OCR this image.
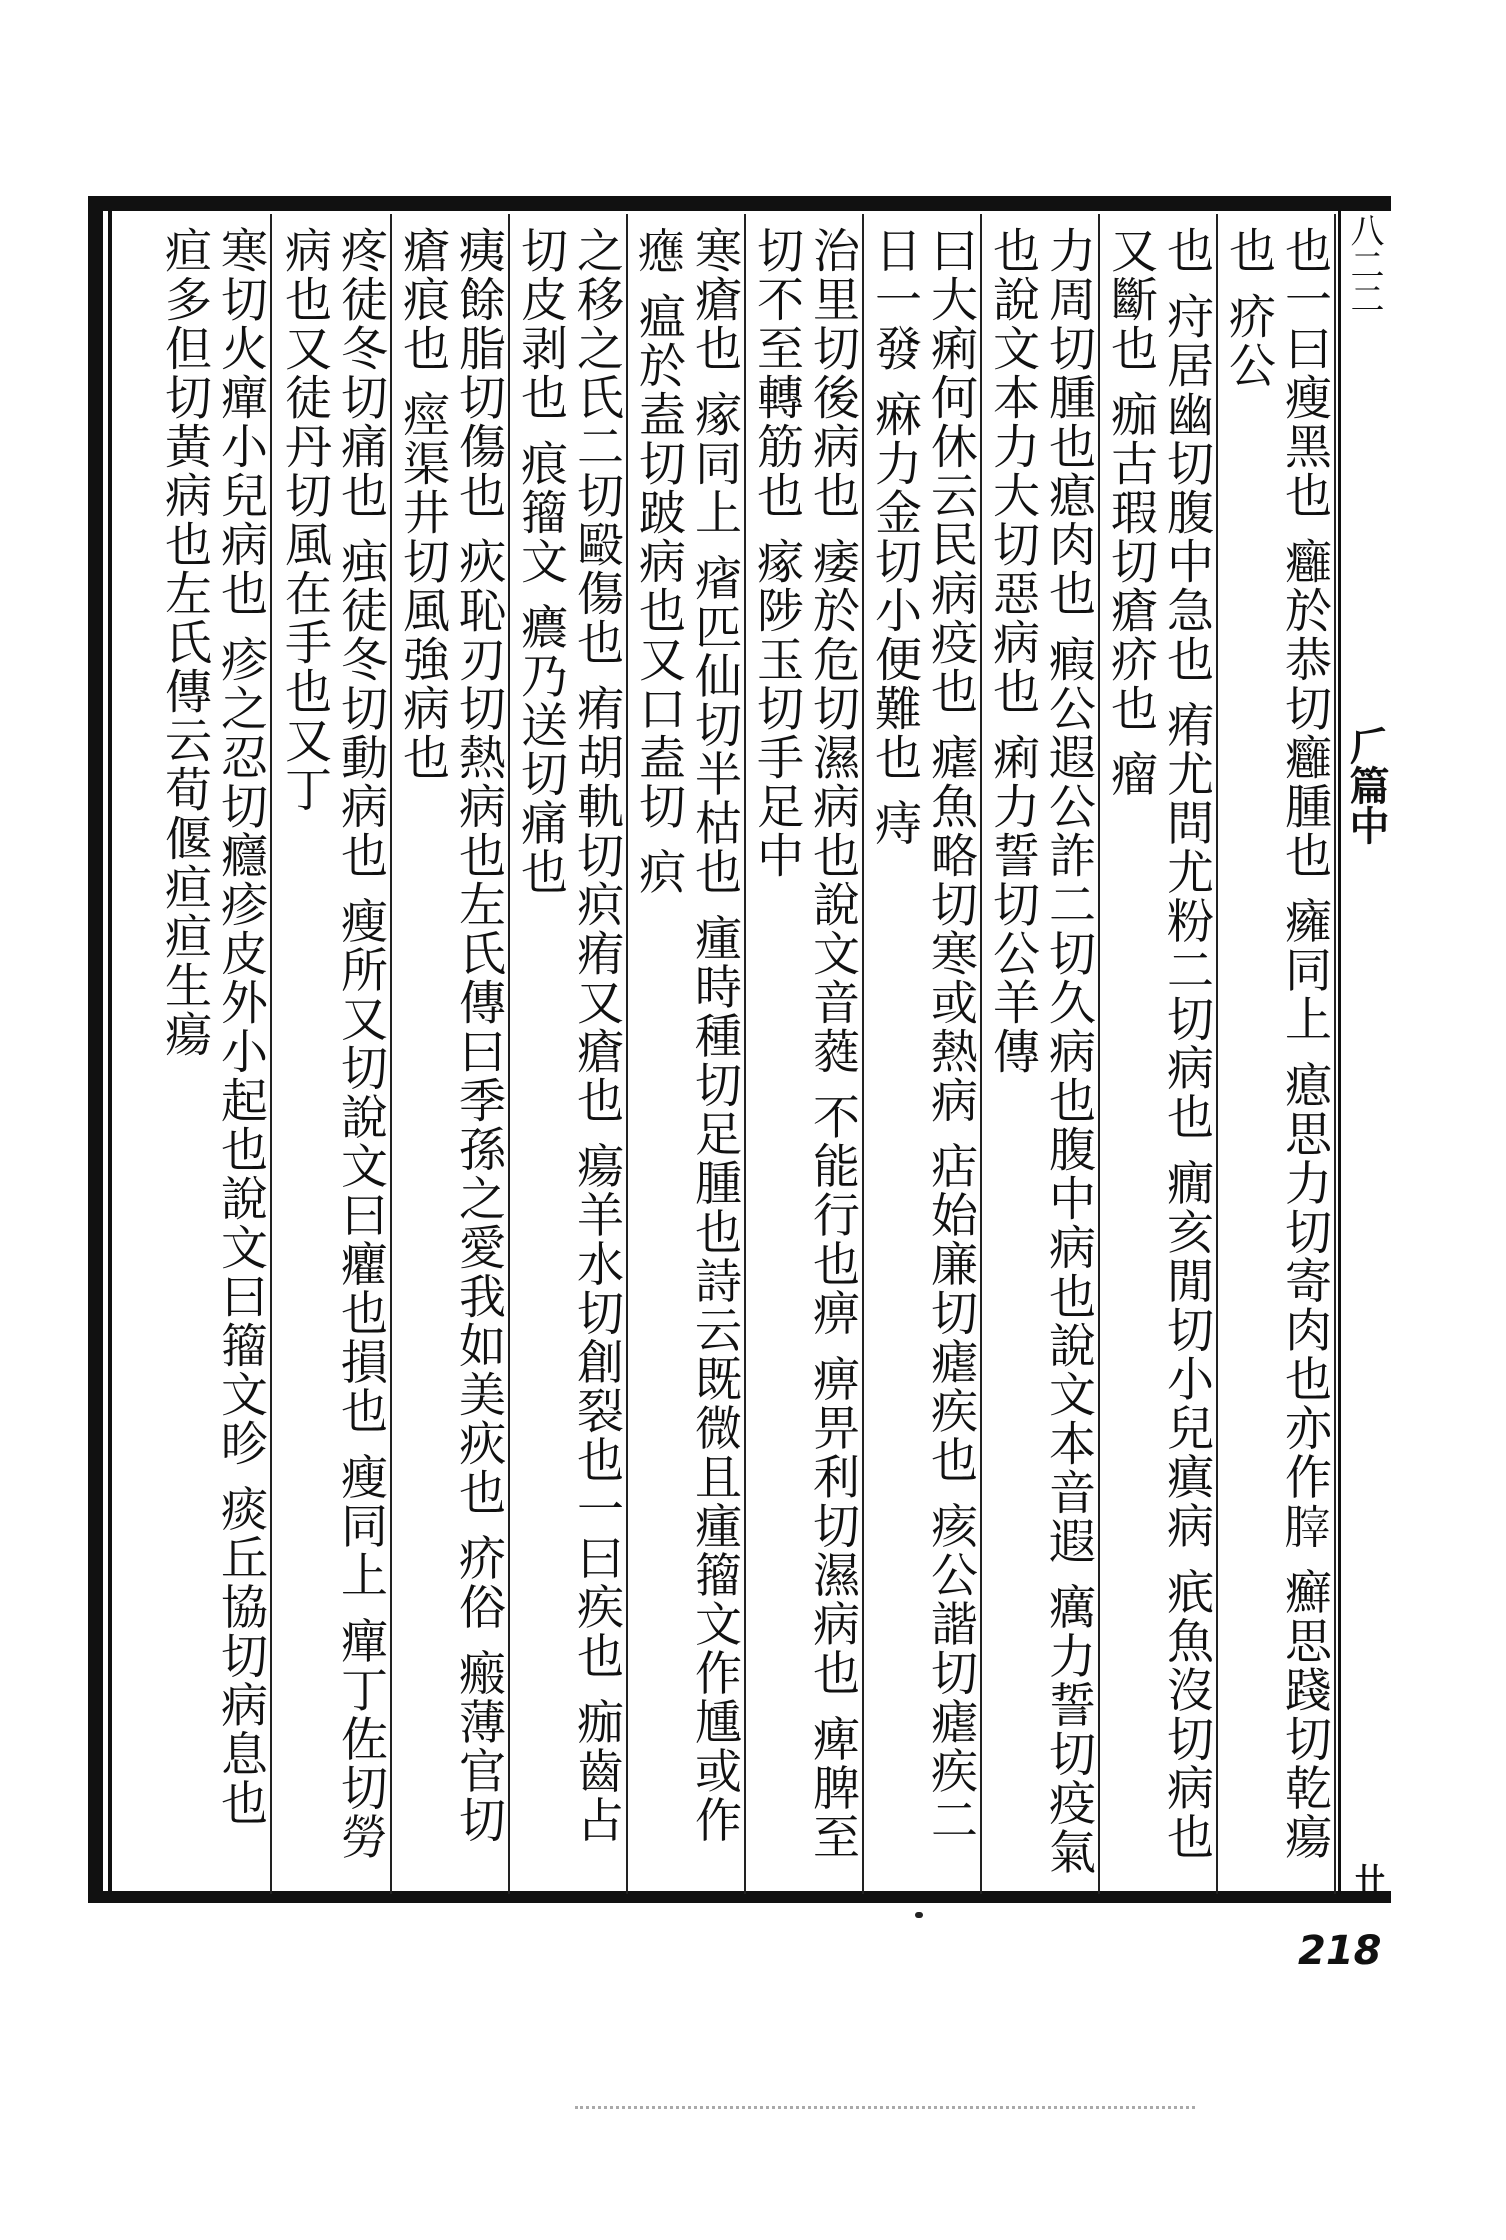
八二二
𠂆篇中
卄
也一曰瘦黑也 癰於恭切癰腫也 癕同上 瘜思力切寄肉也亦作𦞤 癬思踐切乾瘍也 疥公
也 疛居幽切腹中急也 痏尤問尤粉二切病也 癇亥閒切小兒瘨病 疧魚沒切病也又斷也 痂古瑕切瘡疥也 瘤
力周切腫也瘜肉也 瘕公遐公詐二切久病也腹中病也說文本音遐 癘力誓切疫氣也說文本力大切惡病也 痢力誓切公羊傳
曰大痢何休云民病疫也 瘧魚略切寒或熱病 痁始廉切瘧疾也 痎公諧切瘧疾二日一發 痳力金切小便難也 痔
治里切後病也 痿於危切濕病也說文音蕤 不能行也痹 痹畀利切濕病也 痺脾至切不至轉筋也 瘃陟玉切手足中
寒瘡也 瘃同上 㾪匹仙切半枯也 瘇時種切足腫也詩云既微且瘇籀文作尰或作𤻮 瘟於盍切跛病也又口盍切 疻
之移之氏二切毆傷也 痏胡軌切疻痏又瘡也 瘍羊水切創裂也一曰疾也 痂齒占切皮剥也 痕籀文 癑乃送切痛也
痍餘脂切傷也 疢恥刃切熱病也左氏傳曰季孫之愛我如美疢也 疥俗 瘢薄官切瘡痕也 痙渠井切風強病也
疼徒冬切痛也 痋徒冬切動病也 瘦所又切說文曰癯也損也 瘦同上 癉丁佐切勞病也又徒丹切風在手也又丁
寒切火癉小兒病也 疹之忍切癮疹皮外小起也說文曰籀文昣 痰丘協切病息也 疸多但切黃病也左氏傳云荀偃疸疸生瘍
218
